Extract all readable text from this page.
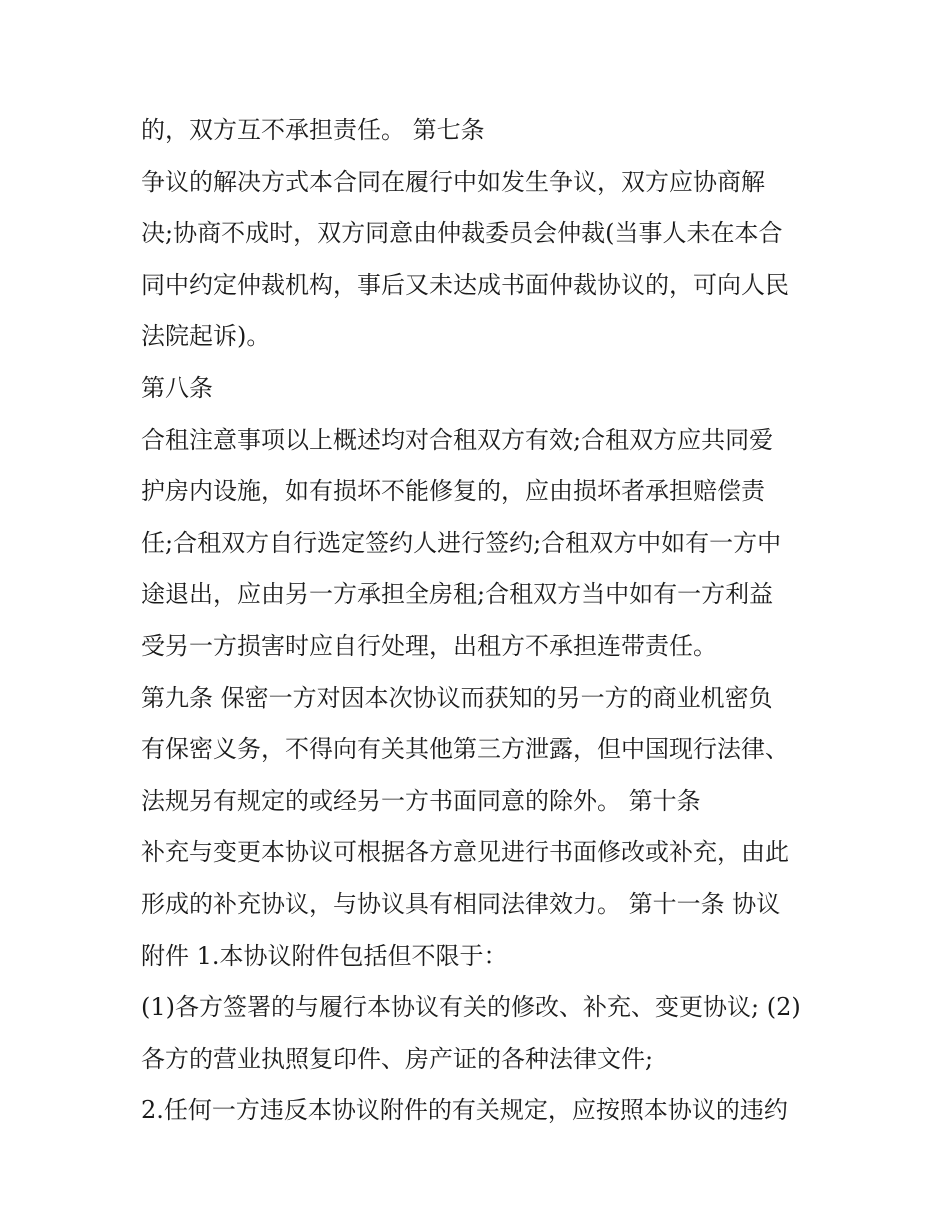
的，双方互不承担责任。 第七条
争议的解决方式本合同在履行中如发生争议，双方应协商解
决;协商不成时，双方同意由仲裁委员会仲裁(当事人未在本合
同中约定仲裁机构，事后又未达成书面仲裁协议的，可向人民
法院起诉)。
第八条
合租注意事项以上概述均对合租双方有效;合租双方应共同爱
护房内设施，如有损坏不能修复的，应由损坏者承担赔偿责
任;合租双方自行选定签约人进行签约;合租双方中如有一方中
途退出，应由另一方承担全房租;合租双方当中如有一方利益
受另一方损害时应自行处理，出租方不承担连带责任。
第九条 保密一方对因本次协议而获知的另一方的商业机密负
有保密义务，不得向有关其他第三方泄露，但中国现行法律、
法规另有规定的或经另一方书面同意的除外。 第十条
补充与变更本协议可根据各方意见进行书面修改或补充，由此
形成的补充协议，与协议具有相同法律效力。 第十一条 协议
附件 1.本协议附件包括但不限于：
(1)各方签署的与履行本协议有关的修改、补充、变更协议; (2)
各方的营业执照复印件、房产证的各种法律文件;
2.任何一方违反本协议附件的有关规定，应按照本协议的违约
